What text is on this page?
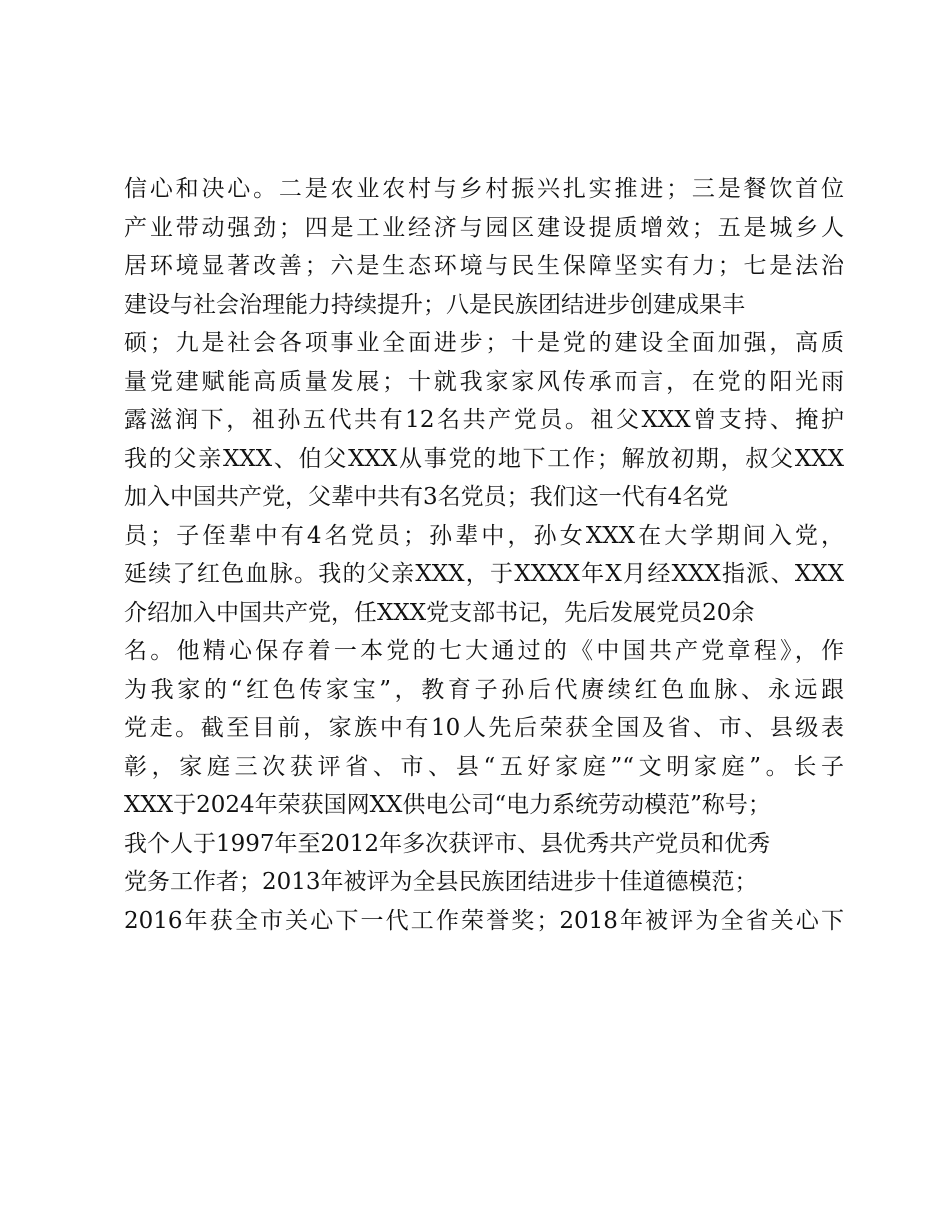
信心和决心。二是农业农村与乡村振兴扎实推进；三是餐饮首位
产业带动强劲；四是工业经济与园区建设提质增效；五是城乡人
居环境显著改善；六是生态环境与民生保障坚实有力；七是法治
建设与社会治理能力持续提升；八是民族团结进步创建成果丰
硕；九是社会各项事业全面进步；十是党的建设全面加强，高质
量党建赋能高质量发展；十就我家家风传承而言，在党的阳光雨
露滋润下，祖孙五代共有12名共产党员。祖父XXX曾支持、掩护
我的父亲XXX、伯父XXX从事党的地下工作；解放初期，叔父XXX
加入中国共产党，父辈中共有3名党员；我们这一代有4名党
员；子侄辈中有4名党员；孙辈中，孙女XXX在大学期间入党，
延续了红色血脉。我的父亲XXX，于XXXX年X月经XXX指派、XXX
介绍加入中国共产党，任XXX党支部书记，先后发展党员20余
名。他精心保存着一本党的七大通过的《中国共产党章程》，作
为我家的“红色传家宝”，教育子孙后代赓续红色血脉、永远跟
党走。截至目前，家族中有10人先后荣获全国及省、市、县级表
彰，家庭三次获评省、市、县“五好家庭”“文明家庭”。长子
XXX于2024年荣获国网XX供电公司“电力系统劳动模范”称号；
我个人于1997年至2012年多次获评市、县优秀共产党员和优秀
党务工作者；2013年被评为全县民族团结进步十佳道德模范；
2016年获全市关心下一代工作荣誉奖；2018年被评为全省关心下
